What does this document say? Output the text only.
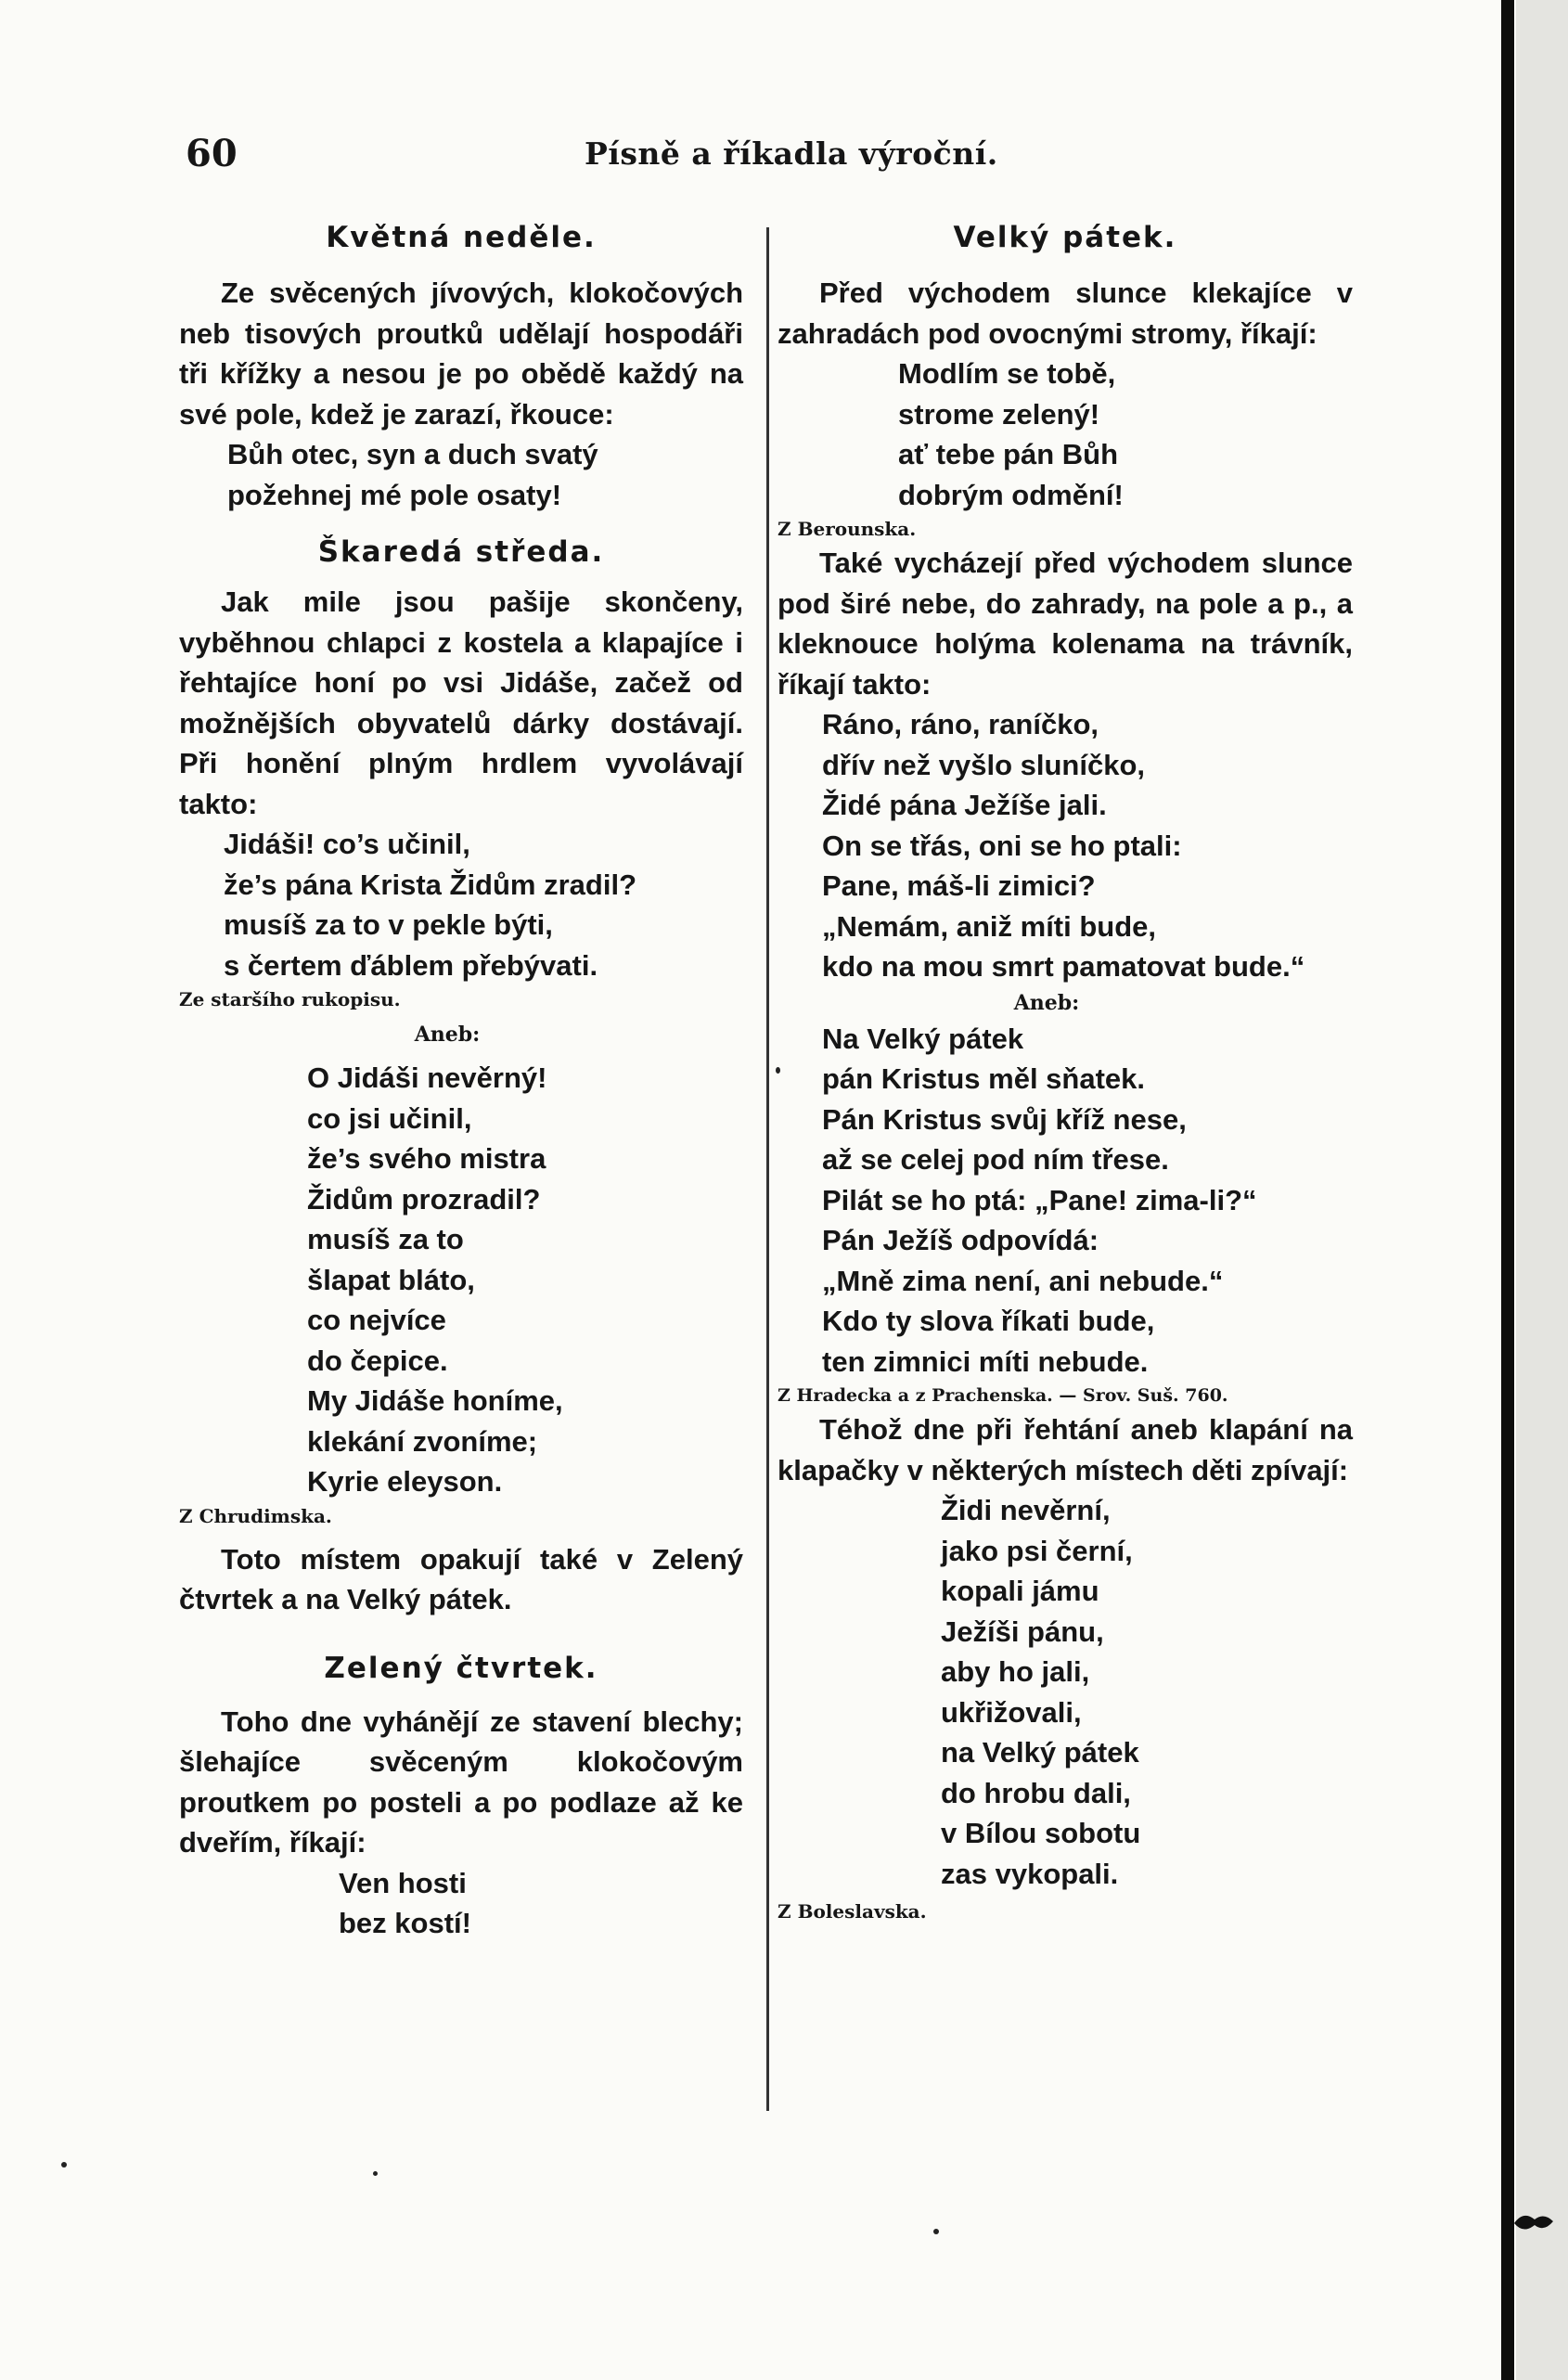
60	Písně a říkadla výroční.
Květná neděle.

Ze svěcených jívových, klokočových neb tisových proutků udělají hospodáři tři křížky a nesou je po obědě každý na své pole, kdež je zarazí, řkouce:

Bůh otec, syn a duch svatý
požehnej mé pole osaty!
Škaredá středa.

Jak mile jsou pašije skončeny, vyběhnou chlapci z kostela a klapajíce i řehtajíce honí po vsi Jidáše, začež od možnějších obyvatelů dárky dostávají. Při honění plným hrdlem vyvolávají takto:

Jidáši! co’s učinil,
že’s pána Krista Židům zradil?
musíš za to v pekle býti,
s čertem ďáblem přebývati.

Ze staršího rukopisu.

Aneb:

O Jidáši nevěrný!
co jsi učinil,
že’s svého mistra
Židům prozradil?
musíš za to
šlapat bláto,
co nejvíce
do čepice.
My Jidáše honíme,
klekání zvoníme;
Kyrie eleyson.

Z Chrudimska.

Toto místem opakují také v Zelený čtvrtek a na Velký pátek.

Zelený čtvrtek.

Toho dne vyhánějí ze stavení blechy; šlehajíce svěceným klokočovým proutkem po posteli a po podlaze až ke dveřím, říkají:

Ven hosti
bez kostí!
Velký pátek.

Před východem slunce klekajíce v zahradách pod ovocnými stromy, říkají:

Modlím se tobě,
strome zelený!
ať tebe pán Bůh
dobrým odmění!

Z Berounska.

Také vycházejí před východem slunce pod širé nebe, do zahrady, na pole a p., a kleknouce holýma kolenama na trávník, říkají takto:

Ráno, ráno, raníčko,
dřív než vyšlo sluníčko,
Židé pána Ježíše jali.
On se třás, oni se ho ptali:
Pane, máš-li zimici?
„Nemám, aniž míti bude,
kdo na mou smrt pamatovat bude.“

Aneb:

Na Velký pátek
pán Kristus měl sňatek.
Pán Kristus svůj kříž nese,
až se celej pod ním třese.
Pilát se ho ptá: „Pane! zima-li?“
Pán Ježíš odpovídá:
„Mně zima není, ani nebude.“
Kdo ty slova říkati bude,
ten zimnici míti nebude.

Z Hradecka a z Prachenska. — Srov. Suš. 760.

Téhož dne při řehtání aneb klapání na klapačky v některých místech děti zpívají:

Židi nevěrní,
jako psi černí,
kopali jámu
Ježíši pánu,
aby ho jali,
ukřižovali,
na Velký pátek
do hrobu dali,
v Bílou sobotu
zas vykopali.

Z Boleslavska.
